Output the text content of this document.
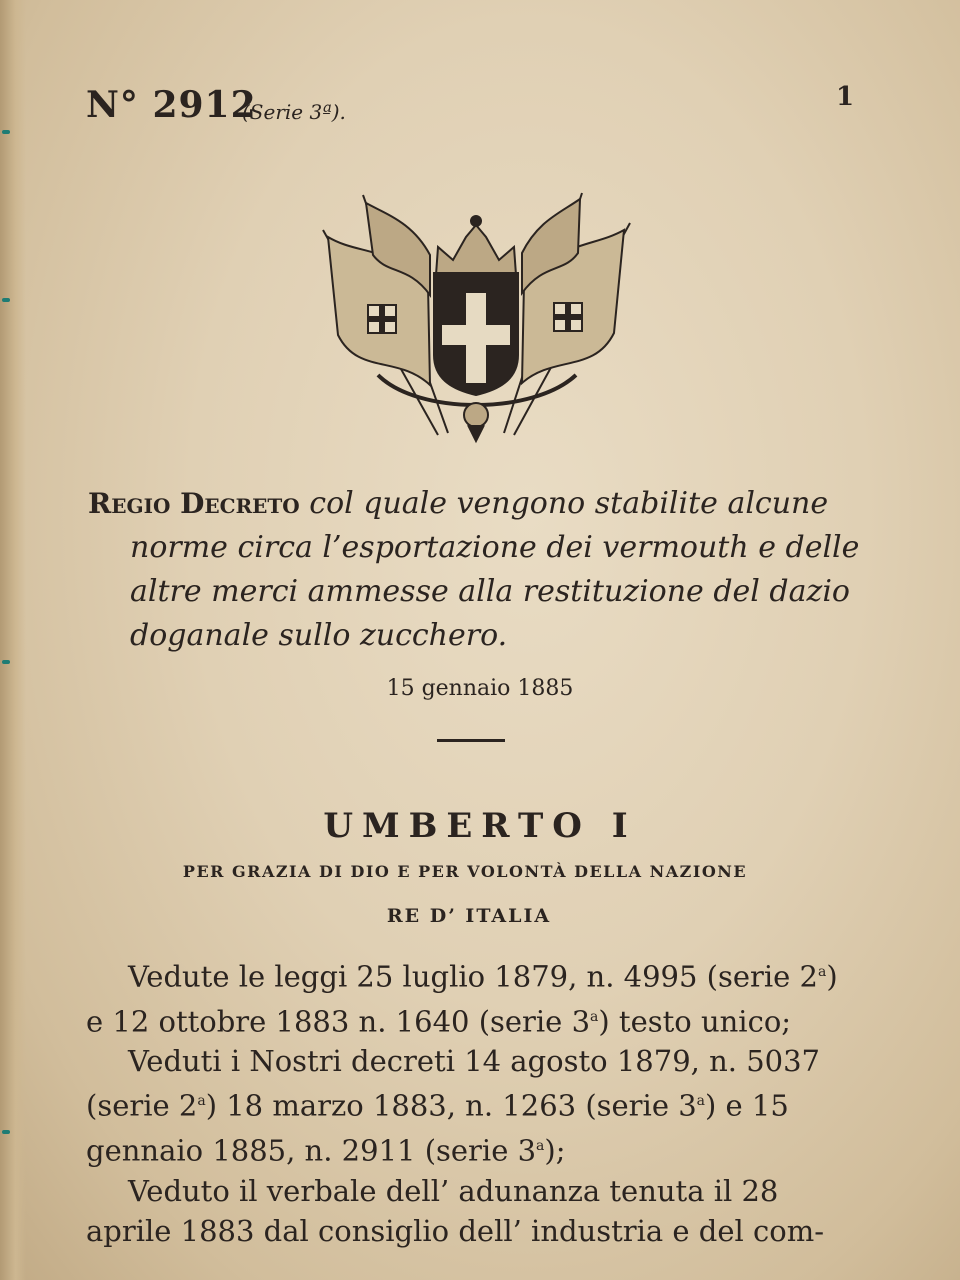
N° 2912
(Serie 3ª).	1
Regio Decreto col quale vengono stabilite alcune
norme circa l’esportazione dei vermouth e delle
altre merci ammesse alla restituzione del dazio
doganale sullo zucchero.
15 gennaio 1885
UMBERTO I
PER GRAZIA DI DIO E PER VOLONTÀ DELLA NAZIONE
RE D’ ITALIA
Vedute le leggi 25 luglio 1879, n. 4995 (serie 2$^a$)
e 12 ottobre 1883 n. 1640 (serie 3$^a$) testo unico;
Veduti i Nostri decreti 14 agosto 1879, n. 5037
(serie 2$^a$) 18 marzo 1883, n. 1263 (serie 3$^a$) e 15
gennaio 1885, n. 2911 (serie 3$^a$);
Veduto il verbale dell’ adunanza tenuta il 28
aprile 1883 dal consiglio dell’ industria e del com-
